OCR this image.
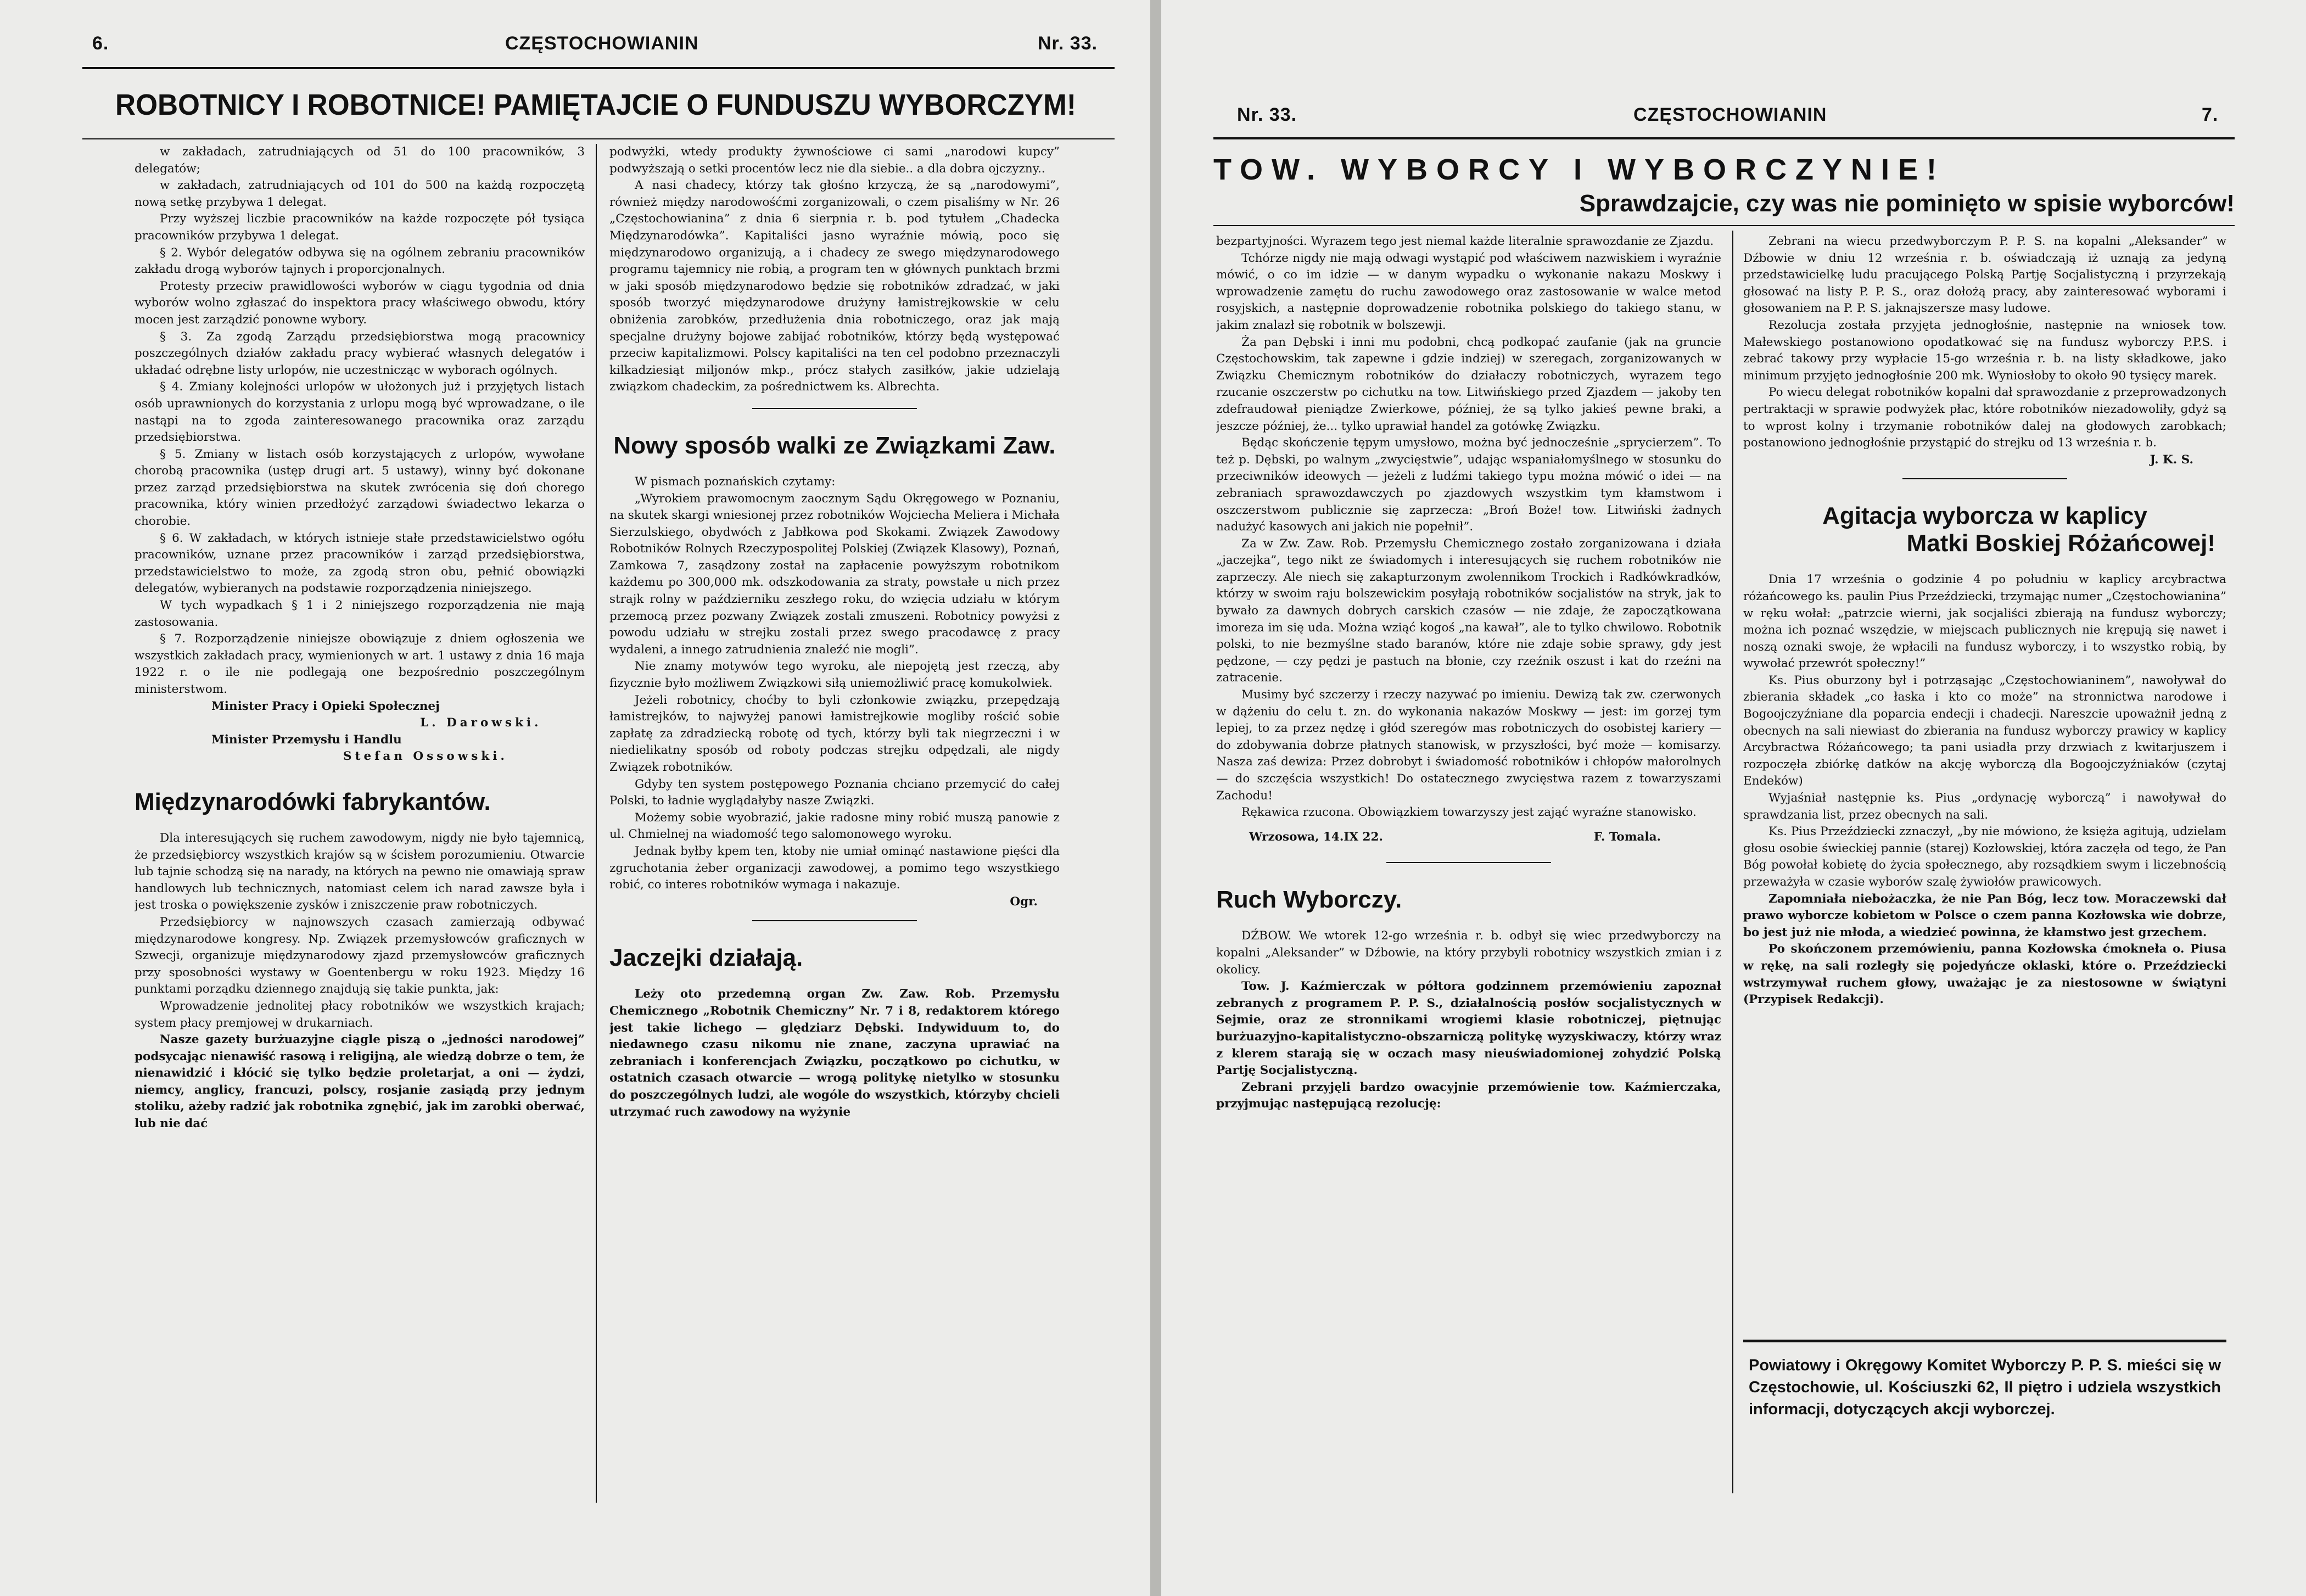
6.	CZĘSTOCHOWIANIN	Nr. 33.
ROBOTNICY I ROBOTNICE! PAMIĘTAJCIE O FUNDUSZU WYBORCZYM!

w zakładach, zatrudniających od 51 do 100 pracowników, 3 delegatów;

w zakładach, zatrudniających od 101 do 500 na każdą rozpoczętą nową setkę przybywa 1 delegat.

Przy wyższej liczbie pracowników na każde rozpoczęte pół tysiąca pracowników przybywa 1 delegat.

§ 2. Wybór delegatów odbywa się na ogólnem zebraniu pracowników zakładu drogą wyborów tajnych i proporcjonalnych.

Protesty przeciw prawidlowości wyborów w ciągu tygodnia od dnia wyborów wolno zgłaszać do inspektora pracy właściwego obwodu, który mocen jest zarządzić ponowne wybory.

§ 3. Za zgodą Zarządu przedsiębiorstwa mogą pracownicy poszczególnych działów zakładu pracy wybierać własnych delegatów i układać odrębne listy urlopów, nie uczestnicząc w wyborach ogólnych.

§ 4. Zmiany kolejności urlopów w ułożonych już i przyjętych listach osób uprawnionych do korzystania z urlopu mogą być wprowadzane, o ile nastąpi na to zgoda zainteresowanego pracownika oraz zarządu przedsiębiorstwa.

§ 5. Zmiany w listach osób korzystających z urlopów, wywołane chorobą pracownika (ustęp drugi art. 5 ustawy), winny być dokonane przez zarząd przedsiębiorstwa na skutek zwrócenia się doń chorego pracownika, który winien przedłożyć zarządowi świadectwo lekarza o chorobie.

§ 6. W zakładach, w których istnieje stałe przedstawicielstwo ogółu pracowników, uznane przez pracowników i zarząd przedsiębiorstwa, przedstawicielstwo to może, za zgodą stron obu, pełnić obowiązki delegatów, wybieranych na podstawie rozporządzenia niniejszego.

W tych wypadkach § 1 i 2 niniejszego rozporządzenia nie mają zastosowania.

§ 7. Rozporządzenie niniejsze obowiązuje z dniem ogłoszenia we wszystkich zakładach pracy, wymienionych w art. 1 ustawy z dnia 16 maja 1922 r. o ile nie podlegają one bezpośrednio poszczególnym ministerstwom.

Minister Pracy i Opieki Społecznej

L. Darowski.

Minister Przemysłu i Handlu

Stefan Ossowski.

Międzynarodówki fabrykantów.

Dla interesujących się ruchem zawodowym, nigdy nie było tajemnicą, że przedsiębiorcy wszystkich krajów są w ścisłem porozumieniu. Otwarcie lub tajnie schodzą się na narady, na których na pewno nie omawiają spraw handlowych lub technicznych, natomiast celem ich narad zawsze była i jest troska o powiększenie zysków i zniszczenie praw robotniczych.

Przedsiębiorcy w najnowszych czasach zamierzają odbywać międzynarodowe kongresy. Np. Związek przemysłowców graficznych w Szwecji, organizuje międzynarodowy zjazd przemysłowców graficznych przy sposobności wystawy w Goentenbergu w roku 1923. Między 16 punktami porządku dziennego znajdują się takie punkta, jak:

Wprowadzenie jednolitej płacy robotników we wszystkich krajach; system płacy premjowej w drukarniach.

Nasze gazety burżuazyjne ciągle piszą o „jedności narodowej” podsycając nienawiść rasową i religijną, ale wiedzą dobrze o tem, że nienawidzić i kłócić się tylko będzie proletarjat, a oni — żydzi, niemcy, anglicy, francuzi, polscy, rosjanie zasiądą przy jednym stoliku, ażeby radzić jak robotnika zgnębić, jak im zarobki oberwać, lub nie dać

podwyżki, wtedy produkty żywnościowe ci sami „narodowi kupcy” podwyższają o setki procentów lecz nie dla siebie.. a dla dobra ojczyzny..

A nasi chadecy, którzy tak głośno krzyczą, że są „narodowymi”, również między narodowośćmi zorganizowali, o czem pisaliśmy w Nr. 26 „Częstochowianina” z dnia 6 sierpnia r. b. pod tytułem „Chadecka Międzynarodówka”. Kapitaliści jasno wyraźnie mówią, poco się międzynarodowo organizują, a i chadecy ze swego międzynarodowego programu tajemnicy nie robią, a program ten w głównych punktach brzmi w jaki sposób międzynarodowo będzie się robotników zdradzać, w jaki sposób tworzyć międzynarodowe drużyny łamistrejkowskie w celu obniżenia zarobków, przedłużenia dnia robotniczego, oraz jak mają specjalne drużyny bojowe zabijać robotników, którzy będą występować przeciw kapitalizmowi. Polscy kapitaliści na ten cel podobno przeznaczyli kilkadziesiąt miljonów mkp., prócz stałych zasiłków, jakie udzielają związkom chadeckim, za pośrednictwem ks. Albrechta.

Nowy sposób walki ze Związkami Zaw.

W pismach poznańskich czytamy:

„Wyrokiem prawomocnym zaocznym Sądu Okręgowego w Poznaniu, na skutek skargi wniesionej przez robotników Wojciecha Meliera i Michała Sierzulskiego, obydwóch z Jabłkowa pod Skokami. Związek Zawodowy Robotników Rolnych Rzeczypospolitej Polskiej (Związek Klasowy), Poznań, Zamkowa 7, zasądzony został na zapłacenie powyższym robotnikom każdemu po 300,000 mk. odszkodowania za straty, powstałe u nich przez strajk rolny w październiku zeszłego roku, do wzięcia udziału w którym przemocą przez pozwany Związek zostali zmuszeni. Robotnicy powyżsi z powodu udziału w strejku zostali przez swego pracodawcę z pracy wydaleni, a innego zatrudnienia znaleźć nie mogli”.

Nie znamy motywów tego wyroku, ale niepojętą jest rzeczą, aby fizycznie było możliwem Związkowi siłą uniemożliwić pracę komukolwiek.

Jeżeli robotnicy, choćby to byli członkowie związku, przepędzają łamistrejków, to najwyżej panowi łamistrejkowie mogliby rościć sobie zapłatę za zdradziecką robotę od tych, którzy byli tak niegrzeczni i w niedielikatny sposób od roboty podczas strejku odpędzali, ale nigdy Związek robotników.

Gdyby ten system postępowego Poznania chciano przemycić do całej Polski, to ładnie wyglądałyby nasze Związki.

Możemy sobie wyobrazić, jakie radosne miny robić muszą panowie z ul. Chmielnej na wiadomość tego salomonowego wyroku.

Jednak byłby kpem ten, ktoby nie umiał ominąć nastawione pięści dla zgruchotania żeber organizacji zawodowej, a pomimo tego wszystkiego robić, co interes robotników wymaga i nakazuje.

Ogr.

Jaczejki działają.

Leży oto przedemną organ Zw. Zaw. Rob. Przemysłu Chemicznego „Robotnik Chemiczny” Nr. 7 i 8, redaktorem którego jest takie lichego — ględziarz Dębski. Indywiduum to, do niedawnego czasu nikomu nie znane, zaczyna uprawiać na zebraniach i konferencjach Związku, początkowo po cichutku, w ostatnich czasach otwarcie — wrogą politykę nietylko w stosunku do poszczególnych ludzi, ale wogóle do wszystkich, którzyby chcieli utrzymać ruch zawodowy na wyżynie

Nr. 33.	CZĘSTOCHOWIANIN	7.
TOW. WYBORCY I WYBORCZYNIE!
Sprawdzajcie, czy was nie pominięto w spisie wyborców!

bezpartyjności. Wyrazem tego jest niemal każde literalnie sprawozdanie ze Zjazdu.

Tchórze nigdy nie mają odwagi wystąpić pod właściwem nazwiskiem i wyraźnie mówić, o co im idzie — w danym wypadku o wykonanie nakazu Moskwy i wprowadzenie zamętu do ruchu zawodowego oraz zastosowanie w walce metod rosyjskich, a następnie doprowadzenie robotnika polskiego do takiego stanu, w jakim znalazł się robotnik w bolszewji.

Ża pan Dębski i inni mu podobni, chcą podkopać zaufanie (jak na gruncie Częstochowskim, tak zapewne i gdzie indziej) w szeregach, zorganizowanych w Związku Chemicznym robotników do działaczy robotniczych, wyrazem tego rzucanie oszczerstw po cichutku na tow. Litwińskiego przed Zjazdem — jakoby ten zdefraudował pieniądze Zwierkowe, później, że są tylko jakieś pewne braki, a jeszcze później, że... tylko uprawiał handel za gotówkę Związku.

Będąc skończenie tępym umysłowo, można być jednocześnie „sprycierzem”. To też p. Dębski, po walnym „zwycięstwie”, udając wspaniałomyślnego w stosunku do przeciwników ideowych — jeżeli z ludźmi takiego typu można mówić o idei — na zebraniach sprawozdawczych po zjazdowych wszystkim tym kłamstwom i oszczerstwom publicznie się zaprzecza: „Broń Boże! tow. Litwiński żadnych nadużyć kasowych ani jakich nie popełnił”.

Za w Zw. Zaw. Rob. Przemysłu Chemicznego zostało zorganizowana i działa „jaczejka”, tego nikt ze świadomych i interesujących się ruchem robotników nie zaprzeczy. Ale niech się zakapturzonym zwolennikom Trockich i Radkówkradków, którzy w swoim raju bolszewickim posyłają robotników socjalistów na stryk, jak to bywało za dawnych dobrych carskich czasów — nie zdaje, że zapoczątkowana imoreza im się uda. Można wziąć kogoś „na kawał”, ale to tylko chwilowo. Robotnik polski, to nie bezmyślne stado baranów, które nie zdaje sobie sprawy, gdy jest pędzone, — czy pędzi je pastuch na błonie, czy rzeźnik oszust i kat do rzeźni na zatracenie.

Musimy być szczerzy i rzeczy nazywać po imieniu. Dewizą tak zw. czerwonych w dążeniu do celu t. zn. do wykonania nakazów Moskwy — jest: im gorzej tym lepiej, to za przez nędzę i głód szeregów mas robotniczych do osobistej kariery — do zdobywania dobrze płatnych stanowisk, w przyszłości, być może — komisarzy. Nasza zaś dewiza: Przez dobrobyt i świadomość robotników i chłopów małorolnych — do szczęścia wszystkich! Do ostatecznego zwycięstwa razem z towarzyszami Zachodu!

Rękawica rzucona. Obowiązkiem towarzyszy jest zająć wyraźne stanowisko.

Wrzosowa, 14.IX 22.	F. Tomala.
Ruch Wyborczy.

DŹBOW. We wtorek 12-go września r. b. odbył się wiec przedwyborczy na kopalni „Aleksander” w Dźbowie, na który przybyli robotnicy wszystkich zmian i z okolicy.

Tow. J. Kaźmierczak w półtora godzinnem przemówieniu zapoznał zebranych z programem P. P. S., działalnością posłów socjalistycznych w Sejmie, oraz ze stronnikami wrogiemi klasie robotniczej, piętnując burżuazyjno-kapitalistyczno-obszarniczą politykę wyzyskiwaczy, którzy wraz z klerem starają się w oczach masy nieuświadomionej zohydzić Polską Partję Socjalistyczną.

Zebrani przyjęli bardzo owacyjnie przemówienie tow. Kaźmierczaka, przyjmując następującą rezolucję:

Zebrani na wiecu przedwyborczym P. P. S. na kopalni „Aleksander” w Dźbowie w dniu 12 września r. b. oświadczają iż uznają za jedyną przedstawicielkę ludu pracującego Polską Partję Socjalistyczną i przyrzekają głosować na listy P. P. S., oraz dołożą pracy, aby zainteresować wyborami i głosowaniem na P. P. S. jaknajszersze masy ludowe.

Rezolucja została przyjęta jednogłośnie, następnie na wniosek tow. Małewskiego postanowiono opodatkować się na fundusz wyborczy P.P.S. i zebrać takowy przy wypłacie 15-go września r. b. na listy składkowe, jako minimum przyjęto jednogłośnie 200 mk. Wyniosłoby to około 90 tysięcy marek.

Po wiecu delegat robotników kopalni dał sprawozdanie z przeprowadzonych pertraktacji w sprawie podwyżek płac, które robotników niezadowoliły, gdyż są to wprost kolny i trzymanie robotników dalej na głodowych zarobkach; postanowiono jednogłośnie przystąpić do strejku od 13 września r. b.

J. K. S.

Agitacja wyborcza w kaplicy
Matki Boskiej Różańcowej!

Dnia 17 września o godzinie 4 po południu w kaplicy arcybractwa różańcowego ks. paulin Pius Przeździecki, trzymając numer „Częstochowianina” w ręku wołał: „patrzcie wierni, jak socjaliści zbierają na fundusz wyborczy; można ich poznać wszędzie, w miejscach publicznych nie krępują się nawet i noszą oznaki swoje, że wpłacili na fundusz wyborczy, i to wszystko robią, by wywołać przewrót społeczny!”

Ks. Pius oburzony był i potrząsając „Częstochowianinem”, nawoływał do zbierania składek „co łaska i kto co może” na stronnictwa narodowe i Bogoojczyźniane dla poparcia endecji i chadecji. Nareszcie upoważnił jedną z obecnych na sali niewiast do zbierania na fundusz wyborczy prawicy w kaplicy Arcybractwa Różańcowego; ta pani usiadła przy drzwiach z kwitarjuszem i rozpoczęła zbiórkę datków na akcję wyborczą dla Bogoojczyźniaków (czytaj Endeków)

Wyjaśniał następnie ks. Pius „ordynację wyborczą” i nawoływał do sprawdzania list, przez obecnych na sali.

Ks. Pius Przeździecki zznaczył, „by nie mówiono, że księża agitują, udzielam głosu osobie świeckiej pannie (starej) Kozłowskiej, która zaczęła od tego, że Pan Bóg powołał kobietę do życia społecznego, aby rozsądkiem swym i liczebnością przeważyła w czasie wyborów szalę żywiołów prawicowych.

Zapomniała niebożaczka, że nie Pan Bóg, lecz tow. Moraczewski dał prawo wyborcze kobietom w Polsce o czem panna Kozłowska wie dobrze, bo jest już nie młoda, a wiedzieć powinna, że kłamstwo jest grzechem.

Po skończonem przemówieniu, panna Kozłowska ćmokneła o. Piusa w rękę, na sali rozległy się pojedyńcze oklaski, które o. Przeździecki wstrzymywał ruchem głowy, uważając je za niestosowne w świątyni (Przypisek Redakcji).

Powiatowy i Okręgowy Komitet Wyborczy P. P. S. mieści się w Częstochowie, ul. Kościuszki 62, II piętro i udziela wszystkich informacji, dotyczących akcji wyborczej.
